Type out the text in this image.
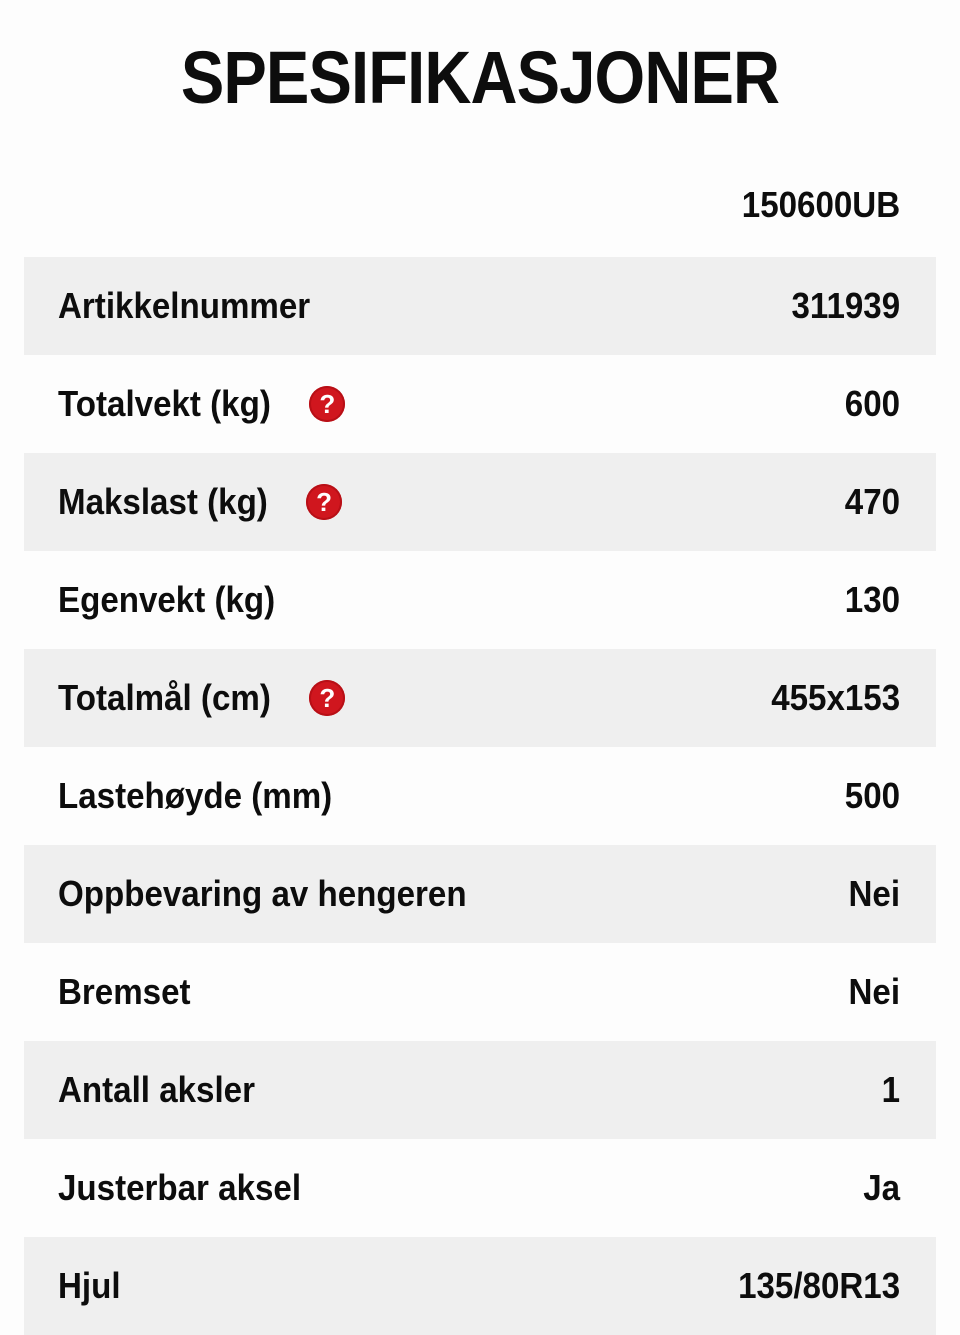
SPESIFIKASJONER
150600UB
Artikkelnummer	311939
Totalvekt (kg)	?	600
Makslast (kg)	?	470
Egenvekt (kg)	130
Totalmål (cm)	?	455x153
Lastehøyde (mm)	500
Oppbevaring av hengeren	Nei
Bremset	Nei
Antall aksler	1
Justerbar aksel	Ja
Hjul	135/80R13
